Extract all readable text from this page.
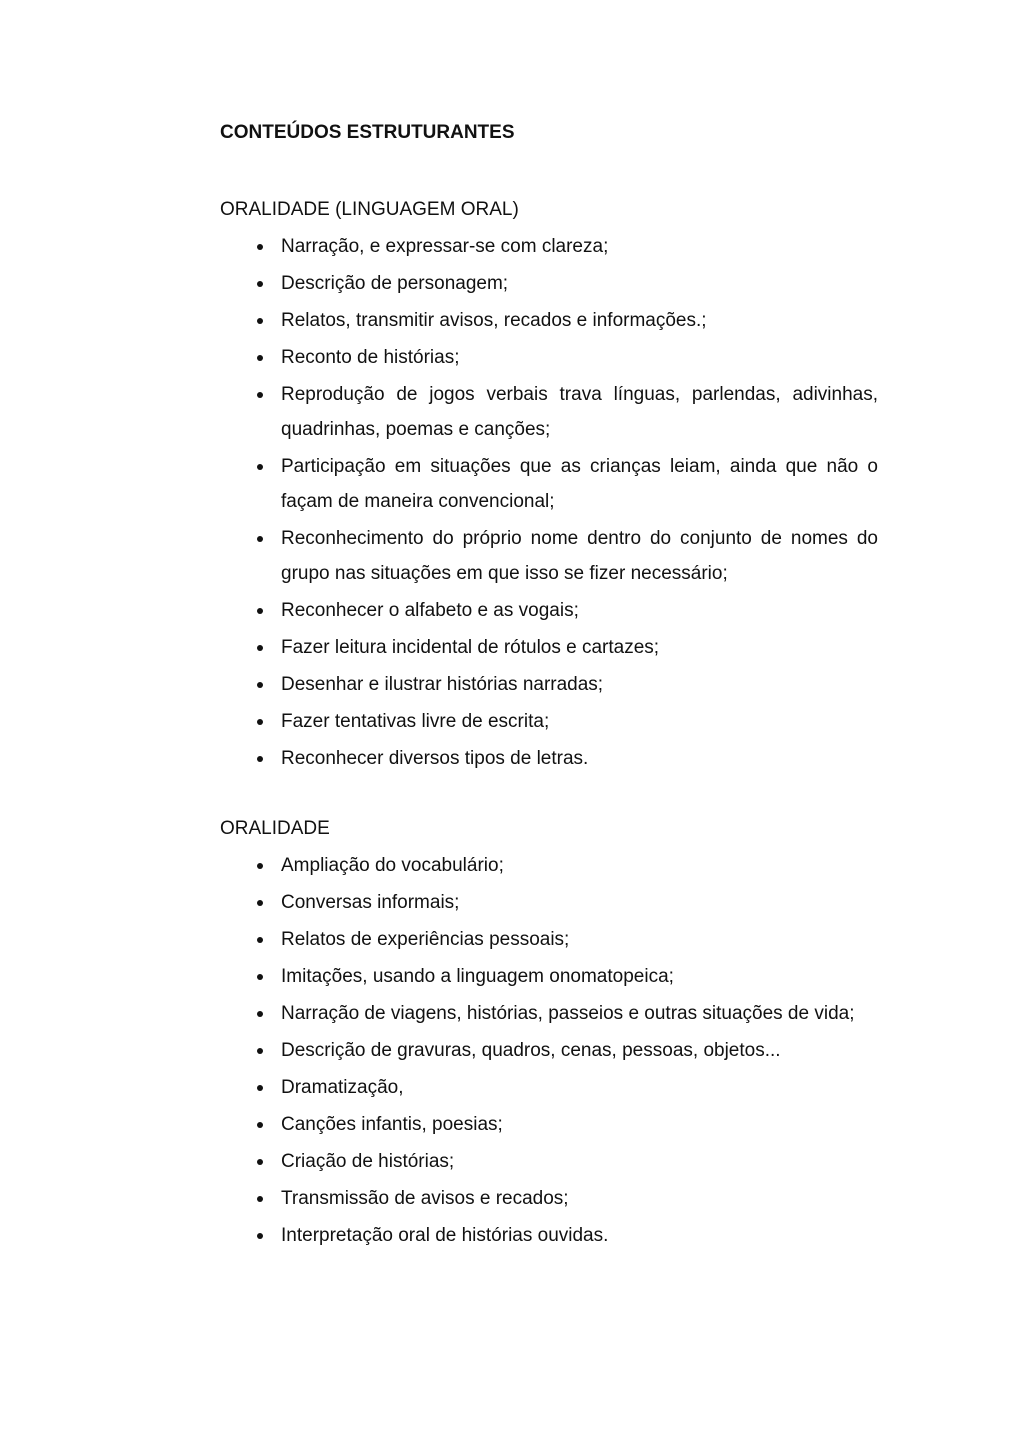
CONTEÚDOS ESTRUTURANTES
ORALIDADE (LINGUAGEM ORAL)
Narração, e expressar-se com clareza;
Descrição de personagem;
Relatos, transmitir avisos, recados e informações.;
Reconto de histórias;
Reprodução de jogos verbais trava línguas, parlendas, adivinhas, quadrinhas, poemas e canções;
Participação em situações que as crianças leiam, ainda que não o façam de maneira convencional;
Reconhecimento do próprio nome dentro do conjunto de nomes do grupo nas situações em que isso se fizer necessário;
Reconhecer o alfabeto e as vogais;
Fazer leitura incidental de rótulos e cartazes;
Desenhar e ilustrar histórias narradas;
Fazer tentativas livre de escrita;
Reconhecer diversos tipos de letras.
ORALIDADE
Ampliação do vocabulário;
Conversas informais;
Relatos de experiências pessoais;
Imitações, usando a linguagem onomatopeica;
Narração de viagens, histórias, passeios e outras situações de vida;
Descrição de gravuras, quadros, cenas, pessoas, objetos...
Dramatização,
Canções infantis, poesias;
Criação de histórias;
Transmissão de avisos e recados;
Interpretação oral de histórias ouvidas.
